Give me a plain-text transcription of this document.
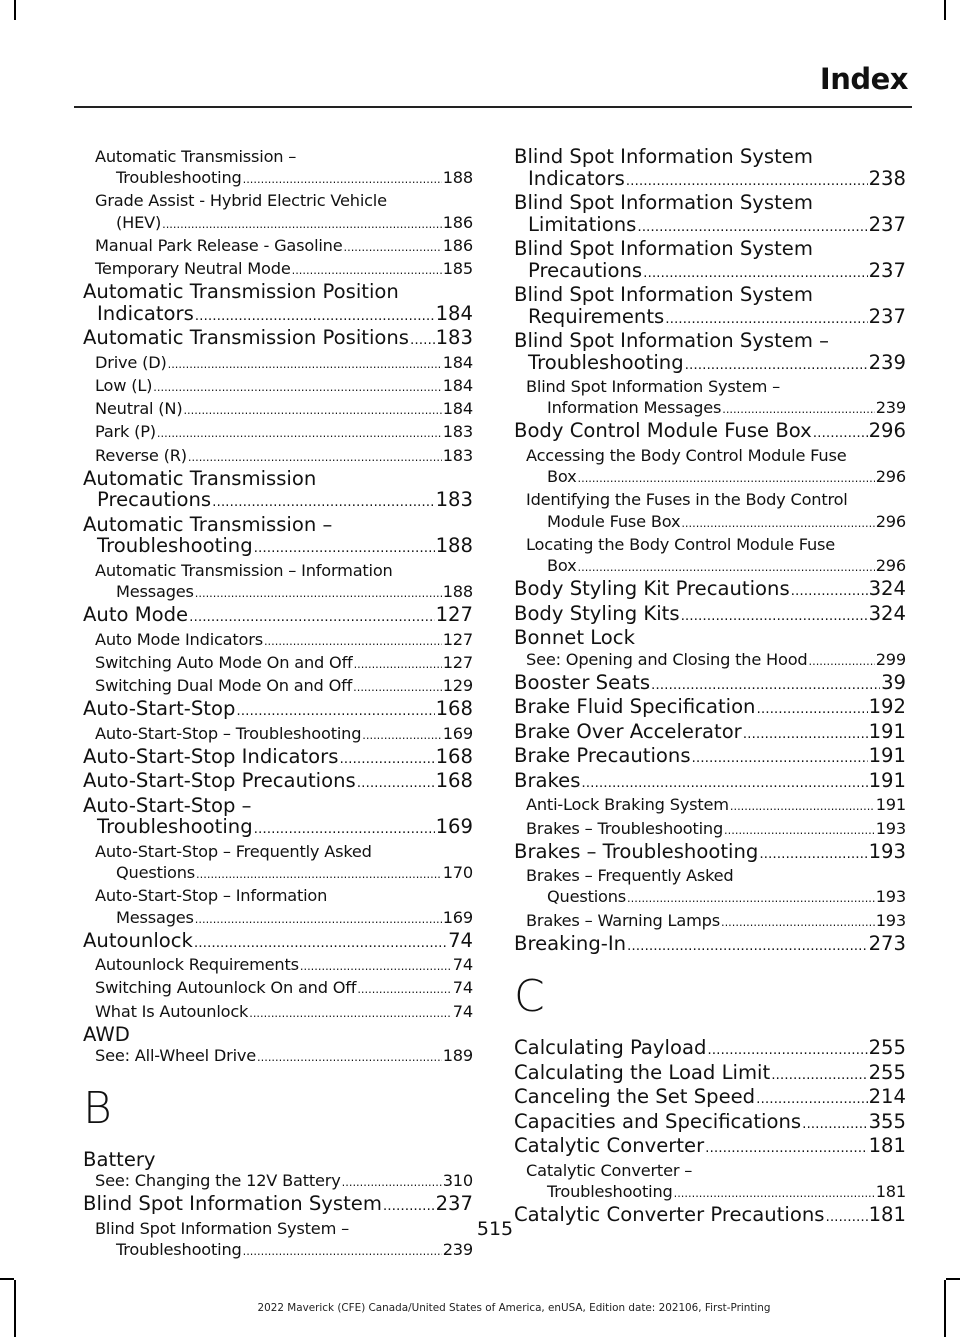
Index
Automatic Transmission –
Troubleshooting .....	188
Grade Assist - Hybrid Electric Vehicle
(HEV) .....	186
Manual Park Release - Gasoline .....	186
Temporary Neutral Mode .....	185
Automatic Transmission Position
Indicators .....	184
Automatic Transmission Positions ..... 183
Drive (D) .....	184
Low (L) .....	184
Neutral (N) .....	184
Park (P) .....	183
Reverse (R) .....	183
Automatic Transmission
Precautions .....	183
Automatic Transmission –
Troubleshooting .....	188
Automatic Transmission – Information
Messages .....	188
Auto Mode .....	127
Auto Mode Indicators .....	127
Switching Auto Mode On and Off .....	127
Switching Dual Mode On and Off .....	129
Auto-Start-Stop .....	168
Auto-Start-Stop – Troubleshooting .....	169
Auto-Start-Stop Indicators .....	168
Auto-Start-Stop Precautions .....	168
Auto-Start-Stop –
Troubleshooting .....	169
Auto-Start-Stop – Frequently Asked
Questions .....	170
Auto-Start-Stop – Information
Messages .....	169
Autounlock .....	74
Autounlock Requirements .....	74
Switching Autounlock On and Off .....	74
What Is Autounlock .....	74
AWD
See: All-Wheel Drive .....	189
B
Battery
See: Changing the 12V Battery .....	310
Blind Spot Information System .....	237
Blind Spot Information System –
Troubleshooting .....	239
Blind Spot Information System
Indicators .....	238
Blind Spot Information System
Limitations .....	237
Blind Spot Information System
Precautions .....	237
Blind Spot Information System
Requirements .....	237
Blind Spot Information System –
Troubleshooting .....	239
Blind Spot Information System –
Information Messages .....	239
Body Control Module Fuse Box .....	296
Accessing the Body Control Module Fuse
Box .....	296
Identifying the Fuses in the Body Control
Module Fuse Box .....	296
Locating the Body Control Module Fuse
Box .....	296
Body Styling Kit Precautions .....	324
Body Styling Kits .....	324
Bonnet Lock
See: Opening and Closing the Hood .....	299
Booster Seats .....	39
Brake Fluid Specification .....	192
Brake Over Accelerator .....	191
Brake Precautions .....	191
Brakes .....	191
Anti-Lock Braking System .....	191
Brakes – Troubleshooting .....	193
Brakes – Troubleshooting .....	193
Brakes – Frequently Asked
Questions .....	193
Brakes – Warning Lamps .....	193
Breaking-In .....	273
C
Calculating Payload .....	255
Calculating the Load Limit .....	255
Canceling the Set Speed .....	214
Capacities and Specifications .....	355
Catalytic Converter .....	181
Catalytic Converter –
Troubleshooting .....	181
Catalytic Converter Precautions ..... 181
515
2022 Maverick (CFE) Canada/United States of America, enUSA, Edition date: 202106, First-Printing
